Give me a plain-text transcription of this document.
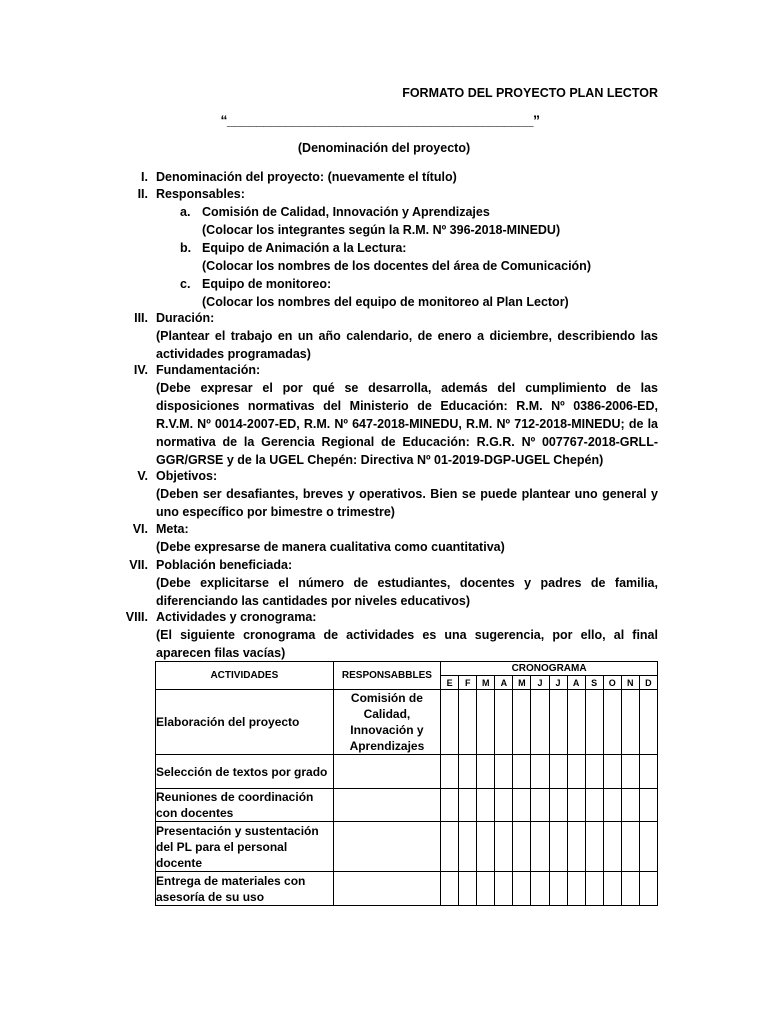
FORMATO DEL PROYECTO PLAN LECTOR
“__________________________________________”
(Denominación del proyecto)
I. Denominación del proyecto: (nuevamente el título)
II. Responsables:
a. Comisión de Calidad, Innovación y Aprendizajes
(Colocar los integrantes según la R.M. Nº 396-2018-MINEDU)
b. Equipo de Animación a la Lectura:
(Colocar los nombres de los docentes del área de Comunicación)
c. Equipo de monitoreo:
(Colocar los nombres del equipo de monitoreo al Plan Lector)
III. Duración:
(Plantear el trabajo en un año calendario, de enero a diciembre, describiendo las actividades programadas)
IV. Fundamentación:
(Debe expresar el por qué se desarrolla, además del cumplimiento de las disposiciones normativas del Ministerio de Educación: R.M. Nº 0386-2006-ED, R.V.M. Nº 0014-2007-ED, R.M. Nº 647-2018-MINEDU, R.M. Nº 712-2018-MINEDU; de la normativa de la Gerencia Regional de Educación: R.G.R. Nº 007767-2018-GRLL-GGR/GRSE y de la UGEL Chepén: Directiva Nº 01-2019-DGP-UGEL Chepén)
V. Objetivos:
(Deben ser desafiantes, breves y operativos. Bien se puede plantear uno general y uno específico por bimestre o trimestre)
VI. Meta:
(Debe expresarse de manera cualitativa como cuantitativa)
VII. Población beneficiada:
(Debe explicitarse el número de estudiantes, docentes y padres de familia, diferenciando las cantidades por niveles educativos)
VIII. Actividades y cronograma:
(El siguiente cronograma de actividades es una sugerencia, por ello, al final aparecen filas vacías)
ACTIVIDADES	RESPONSABBLES	CRONOGRAMA											
		E	F	M	A	M	J	J	A	S	O	N	D
Elaboración del proyecto	Comisión de Calidad, Innovación y Aprendizajes												
Selección de textos por grado													
Reuniones de coordinación con docentes													
Presentación y sustentación del PL para el personal docente													
Entrega de materiales con asesoría de su uso													
